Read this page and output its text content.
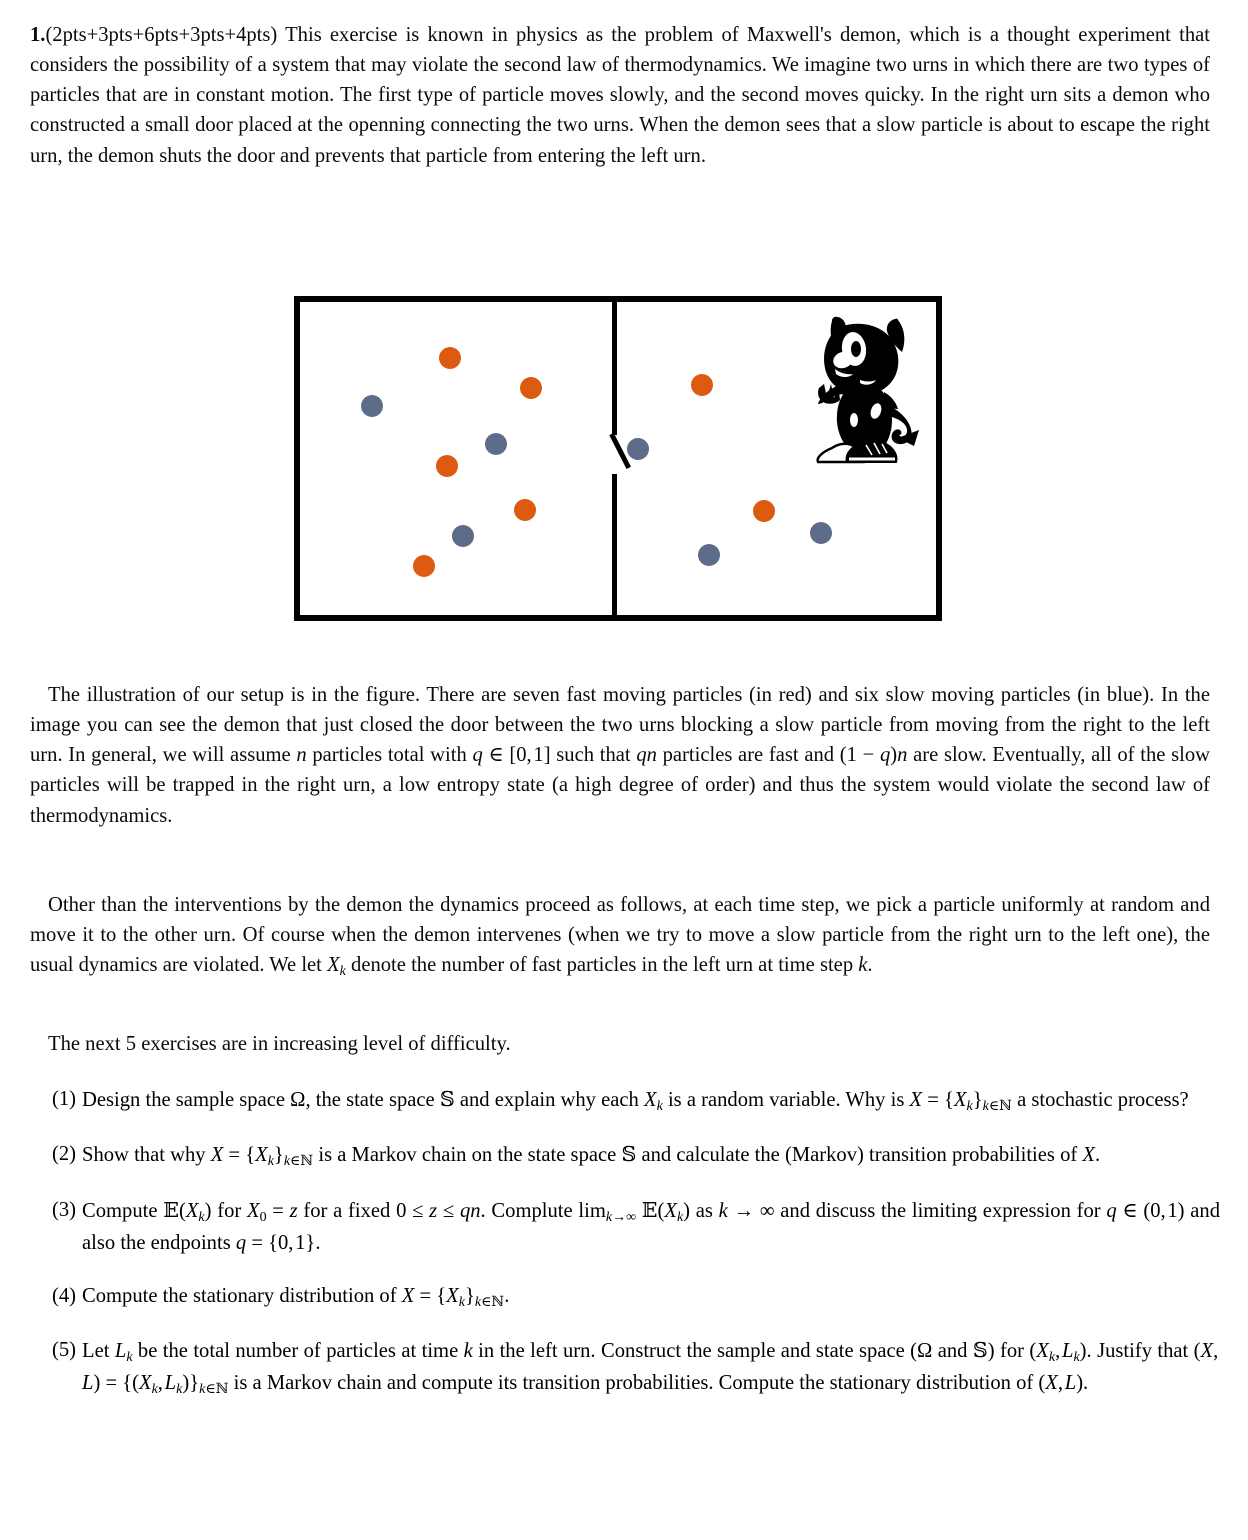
1.(2pts+3pts+6pts+3pts+4pts) This exercise is known in physics as the problem of Maxwell's demon, which is a thought experiment that considers the possibility of a system that may violate the second law of thermodynamics. We imagine two urns in which there are two types of particles that are in constant motion. The first type of particle moves slowly, and the second moves quicky. In the right urn sits a demon who constructed a small door placed at the openning connecting the two urns. When the demon sees that a slow particle is about to escape the right urn, the demon shuts the door and prevents that particle from entering the left urn.

The illustration of our setup is in the figure. There are seven fast moving particles (in red) and six slow moving particles (in blue). In the image you can see the demon that just closed the door between the two urns blocking a slow particle from moving from the right to the left urn. In general, we will assume n particles total with q ∈ [0, 1] such that qn particles are fast and (1 − q)n are slow. Eventually, all of the slow particles will be trapped in the right urn, a low entropy state (a high degree of order) and thus the system would violate the second law of thermodynamics.

Other than the interventions by the demon the dynamics proceed as follows, at each time step, we pick a particle uniformly at random and move it to the other urn. Of course when the demon intervenes (when we try to move a slow particle from the right urn to the left one), the usual dynamics are violated. We let $X_k$ denote the number of fast particles in the left urn at time step k.

The next 5 exercises are in increasing level of difficulty.

(1) Design the sample space Ω, the state space 𝕊 and explain why each $X_k$ is a random variable. Why is $X = \{X_k\}_k\in ℕ$ a stochastic process?
(2) Show that why $X = \{X_k\}_k\in ℕ$ is a Markov chain on the state space 𝕊 and calculate the (Markov) transition probabilities of X.
(3) Compute $𝔼(X_k)$ for X0 = z for a fixed 0 ≤ z ≤ qn. Complute $\lim_k\to\infty$ $𝔼(X_k)$ as k → ∞ and discuss the limiting expression for q ∈ (0, 1) and also the endpoints q = {0, 1}.
(4) Compute the stationary distribution of $X = \{X_k\}_k\in ℕ$.
(5) Let $L_k$ be the total number of particles at time k in the left urn. Construct the sample and state space (Ω and 𝕊) for ($X_k$, $L_k$). Justify that (X, $L) = \{(X_k$, $L_k)\}_k\in ℕ$ is a Markov chain and compute its transition probabilities. Compute the stationary distribution of (X, L).
